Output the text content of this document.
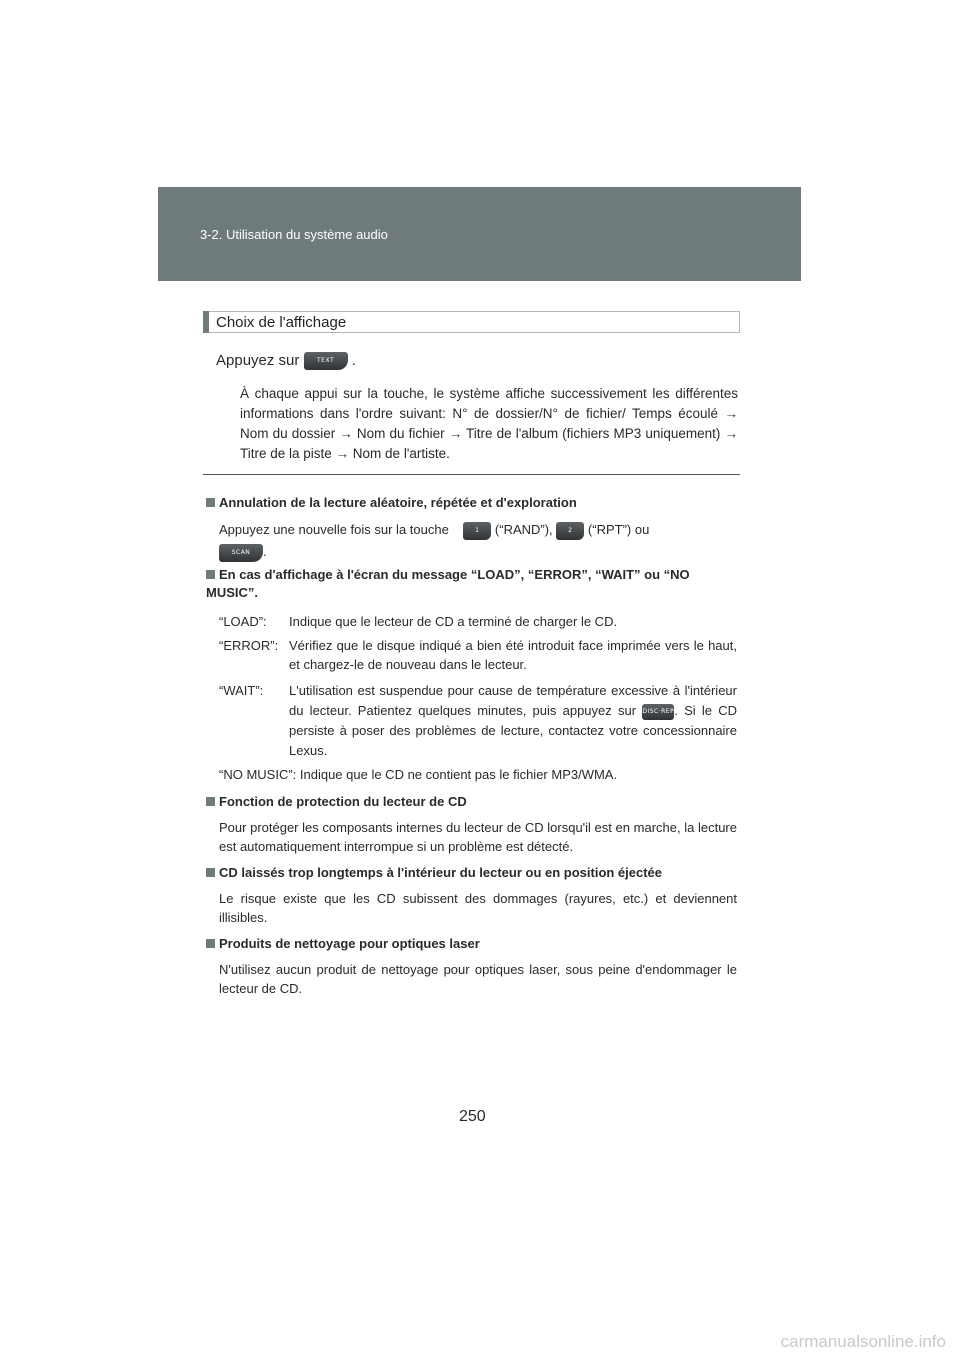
3-2. Utilisation du système audio
Choix de l'affichage
Appuyez sur	TEXT .
À chaque appui sur la touche, le système affiche successivement les différentes informations dans l'ordre suivant: N° de dossier/N° de fichier/ Temps écoulé → Nom du dossier → Nom du fichier → Titre de l'album (fichiers MP3 uniquement) → Titre de la piste → Nom de l'artiste.
Annulation de la lecture aléatoire, répétée et d'exploration
Appuyez une nouvelle fois sur la touche	1 (“RAND”),	2 (“RPT”) ou
SCAN .
En cas d'affichage à l'écran du message “LOAD”, “ERROR”, “WAIT” ou “NO MUSIC”.
“LOAD”: Indique que le lecteur de CD a terminé de charger le CD.
“ERROR”: Vérifiez que le disque indiqué a bien été introduit face imprimée vers le haut, et chargez-le de nouveau dans le lecteur.
“WAIT”: L'utilisation est suspendue pour cause de température excessive à l'intérieur du lecteur. Patientez quelques minutes, puis appuyez sur DISC·REP. Si le CD persiste à poser des problèmes de lecture, contactez votre concessionnaire Lexus.
“NO MUSIC”: Indique que le CD ne contient pas le fichier MP3/WMA.
Fonction de protection du lecteur de CD
Pour protéger les composants internes du lecteur de CD lorsqu'il est en marche, la lecture est automatiquement interrompue si un problème est détecté.
CD laissés trop longtemps à l'intérieur du lecteur ou en position éjectée
Le risque existe que les CD subissent des dommages (rayures, etc.) et deviennent illisibles.
Produits de nettoyage pour optiques laser
N'utilisez aucun produit de nettoyage pour optiques laser, sous peine d'endommager le lecteur de CD.
250
carmanualsonline.info
